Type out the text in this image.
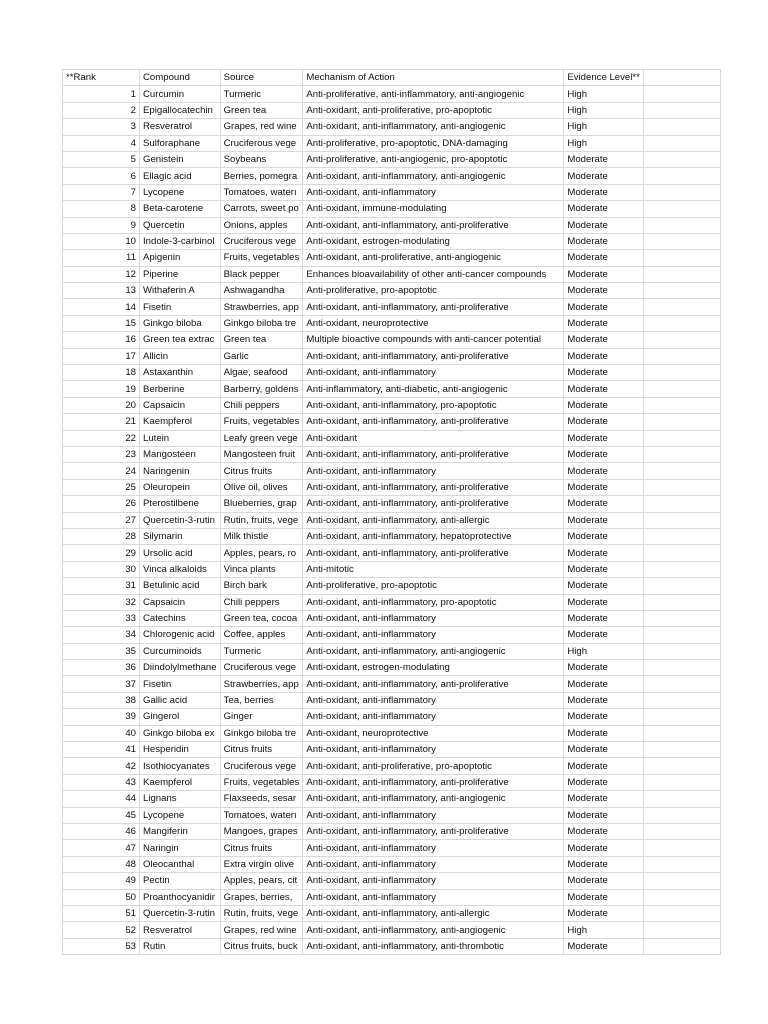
**Rank	Compound	Source	Mechanism of Action	Evidence Level**	
1	Curcumin	Turmeric	Anti-proliferative, anti-inflammatory, anti-angiogenic	High	
2	Epigallocatechin	Green tea	Anti-oxidant, anti-proliferative, pro-apoptotic	High	
3	Resveratrol	Grapes, red wine	Anti-oxidant, anti-inflammatory, anti-angiogenic	High	
4	Sulforaphane	Cruciferous vege	Anti-proliferative, pro-apoptotic, DNA-damaging	High	
5	Genistein	Soybeans	Anti-proliferative, anti-angiogenic, pro-apoptotic	Moderate	
6	Ellagic acid	Berries, pomegra	Anti-oxidant, anti-inflammatory, anti-angiogenic	Moderate	
7	Lycopene	Tomatoes, waterı	Anti-oxidant, anti-inflammatory	Moderate	
8	Beta-carotene	Carrots, sweet po	Anti-oxidant, immune-modulating	Moderate	
9	Quercetin	Onions, apples	Anti-oxidant, anti-inflammatory, anti-proliferative	Moderate	
10	Indole-3-carbinol	Cruciferous vege	Anti-oxidant, estrogen-modulating	Moderate	
11	Apigenin	Fruits, vegetables	Anti-oxidant, anti-proliferative, anti-angiogenic	Moderate	
12	Piperine	Black pepper	Enhances bioavailability of other anti-cancer compounds	Moderate	
13	Withaferin A	Ashwagandha	Anti-proliferative, pro-apoptotic	Moderate	
14	Fisetin	Strawberries, app	Anti-oxidant, anti-inflammatory, anti-proliferative	Moderate	
15	Ginkgo biloba	Ginkgo biloba tre	Anti-oxidant, neuroprotective	Moderate	
16	Green tea extrac	Green tea	Multiple bioactive compounds with anti-cancer potential	Moderate	
17	Allicin	Garlic	Anti-oxidant, anti-inflammatory, anti-proliferative	Moderate	
18	Astaxanthin	Algae, seafood	Anti-oxidant, anti-inflammatory	Moderate	
19	Berberine	Barberry, goldens	Anti-inflammatory, anti-diabetic, anti-angiogenic	Moderate	
20	Capsaicin	Chili peppers	Anti-oxidant, anti-inflammatory, pro-apoptotic	Moderate	
21	Kaempferol	Fruits, vegetables	Anti-oxidant, anti-inflammatory, anti-proliferative	Moderate	
22	Lutein	Leafy green vege	Anti-oxidant	Moderate	
23	Mangosteen	Mangosteen fruit	Anti-oxidant, anti-inflammatory, anti-proliferative	Moderate	
24	Naringenin	Citrus fruits	Anti-oxidant, anti-inflammatory	Moderate	
25	Oleuropein	Olive oil, olives	Anti-oxidant, anti-inflammatory, anti-proliferative	Moderate	
26	Pterostilbene	Blueberries, grap	Anti-oxidant, anti-inflammatory, anti-proliferative	Moderate	
27	Quercetin-3-rutin	Rutin, fruits, vege	Anti-oxidant, anti-inflammatory, anti-allergic	Moderate	
28	Silymarin	Milk thistle	Anti-oxidant, anti-inflammatory, hepatoprotective	Moderate	
29	Ursolic acid	Apples, pears, ro	Anti-oxidant, anti-inflammatory, anti-proliferative	Moderate	
30	Vinca alkaloids	Vinca plants	Anti-mitotic	Moderate	
31	Betulinic acid	Birch bark	Anti-proliferative, pro-apoptotic	Moderate	
32	Capsaicin	Chili peppers	Anti-oxidant, anti-inflammatory, pro-apoptotic	Moderate	
33	Catechins	Green tea, cocoa	Anti-oxidant, anti-inflammatory	Moderate	
34	Chlorogenic acid	Coffee, apples	Anti-oxidant, anti-inflammatory	Moderate	
35	Curcuminoids	Turmeric	Anti-oxidant, anti-inflammatory, anti-angiogenic	High	
36	Diindolylmethane	Cruciferous vege	Anti-oxidant, estrogen-modulating	Moderate	
37	Fisetin	Strawberries, app	Anti-oxidant, anti-inflammatory, anti-proliferative	Moderate	
38	Gallic acid	Tea, berries	Anti-oxidant, anti-inflammatory	Moderate	
39	Gingerol	Ginger	Anti-oxidant, anti-inflammatory	Moderate	
40	Ginkgo biloba ex	Ginkgo biloba tre	Anti-oxidant, neuroprotective	Moderate	
41	Hesperidin	Citrus fruits	Anti-oxidant, anti-inflammatory	Moderate	
42	Isothiocyanates	Cruciferous vege	Anti-oxidant, anti-proliferative, pro-apoptotic	Moderate	
43	Kaempferol	Fruits, vegetables	Anti-oxidant, anti-inflammatory, anti-proliferative	Moderate	
44	Lignans	Flaxseeds, sesar	Anti-oxidant, anti-inflammatory, anti-angiogenic	Moderate	
45	Lycopene	Tomatoes, waterı	Anti-oxidant, anti-inflammatory	Moderate	
46	Mangiferin	Mangoes, grapes	Anti-oxidant, anti-inflammatory, anti-proliferative	Moderate	
47	Naringin	Citrus fruits	Anti-oxidant, anti-inflammatory	Moderate	
48	Oleocanthal	Extra virgin olive	Anti-oxidant, anti-inflammatory	Moderate	
49	Pectin	Apples, pears, cit	Anti-oxidant, anti-inflammatory	Moderate	
50	Proanthocyanidir	Grapes, berries,	Anti-oxidant, anti-inflammatory	Moderate	
51	Quercetin-3-rutin	Rutin, fruits, vege	Anti-oxidant, anti-inflammatory, anti-allergic	Moderate	
52	Resveratrol	Grapes, red wine	Anti-oxidant, anti-inflammatory, anti-angiogenic	High	
53	Rutin	Citrus fruits, buck	Anti-oxidant, anti-inflammatory, anti-thrombotic	Moderate	
